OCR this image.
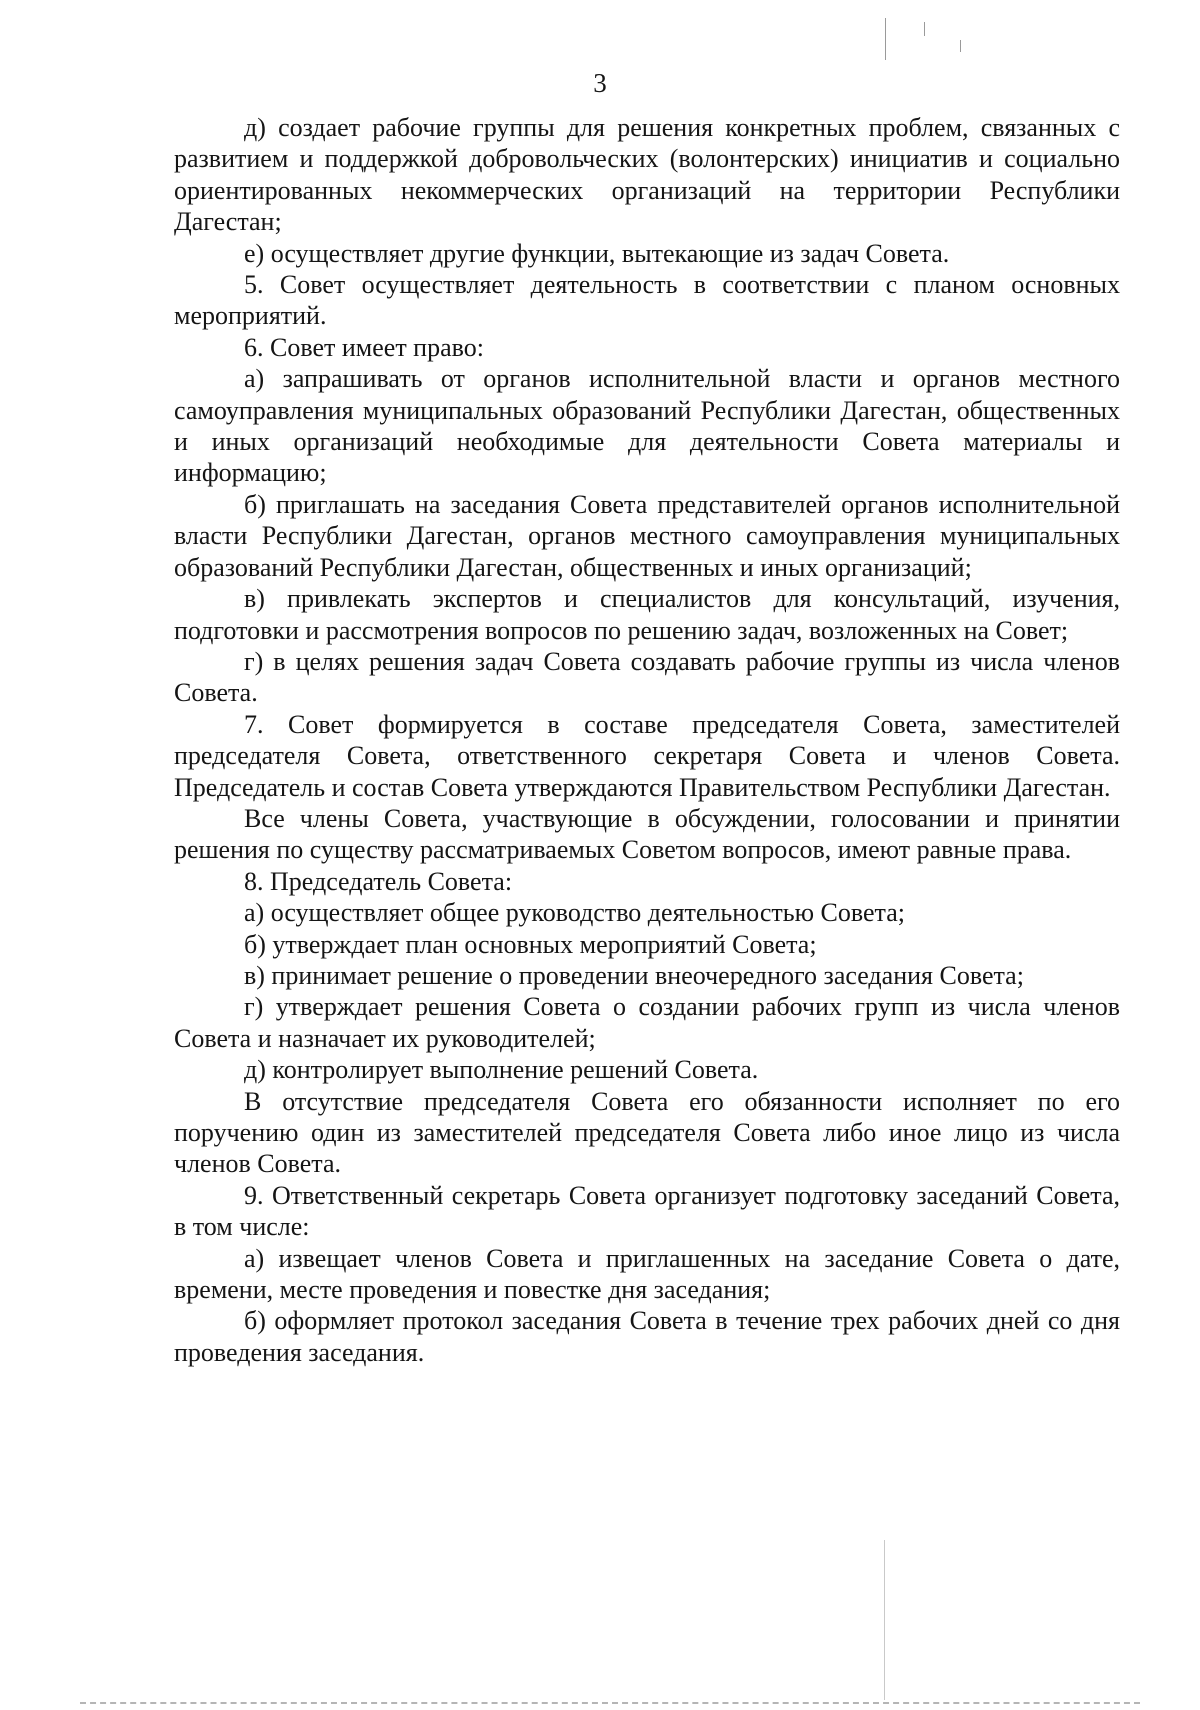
3

д) создает рабочие группы для решения конкретных проблем, связанных с развитием и поддержкой добровольческих (волонтерских) инициатив и социально ориентированных некоммерческих организаций на территории Республики Дагестан;

е) осуществляет другие функции, вытекающие из задач Совета.

5. Совет осуществляет деятельность в соответствии с планом основных мероприятий.

6. Совет имеет право:

а) запрашивать от органов исполнительной власти и органов местного самоуправления муниципальных образований Республики Дагестан, общественных и иных организаций необходимые для деятельности Совета материалы и информацию;

б) приглашать на заседания Совета представителей органов исполнительной власти Республики Дагестан, органов местного самоуправления муниципальных образований Республики Дагестан, общественных и иных организаций;

в) привлекать экспертов и специалистов для консультаций, изучения, подготовки и рассмотрения вопросов по решению задач, возложенных на Совет;

г) в целях решения задач Совета создавать рабочие группы из числа членов Совета.

7. Совет формируется в составе председателя Совета, заместителей председателя Совета, ответственного секретаря Совета и членов Совета. Председатель и состав Совета утверждаются Правительством Республики Дагестан.

Все члены Совета, участвующие в обсуждении, голосовании и принятии решения по существу рассматриваемых Советом вопросов, имеют равные права.

8. Председатель Совета:

а) осуществляет общее руководство деятельностью Совета;

б) утверждает план основных мероприятий Совета;

в) принимает решение о проведении внеочередного заседания Совета;

г) утверждает решения Совета о создании рабочих групп из числа членов Совета и назначает их руководителей;

д) контролирует выполнение решений Совета.

В отсутствие председателя Совета его обязанности исполняет по его поручению один из заместителей председателя Совета либо иное лицо из числа членов Совета.

9. Ответственный секретарь Совета организует подготовку заседаний Совета, в том числе:

а) извещает членов Совета и приглашенных на заседание Совета о дате, времени, месте проведения и повестке дня заседания;

б) оформляет протокол заседания Совета в течение трех рабочих дней со дня проведения заседания.
